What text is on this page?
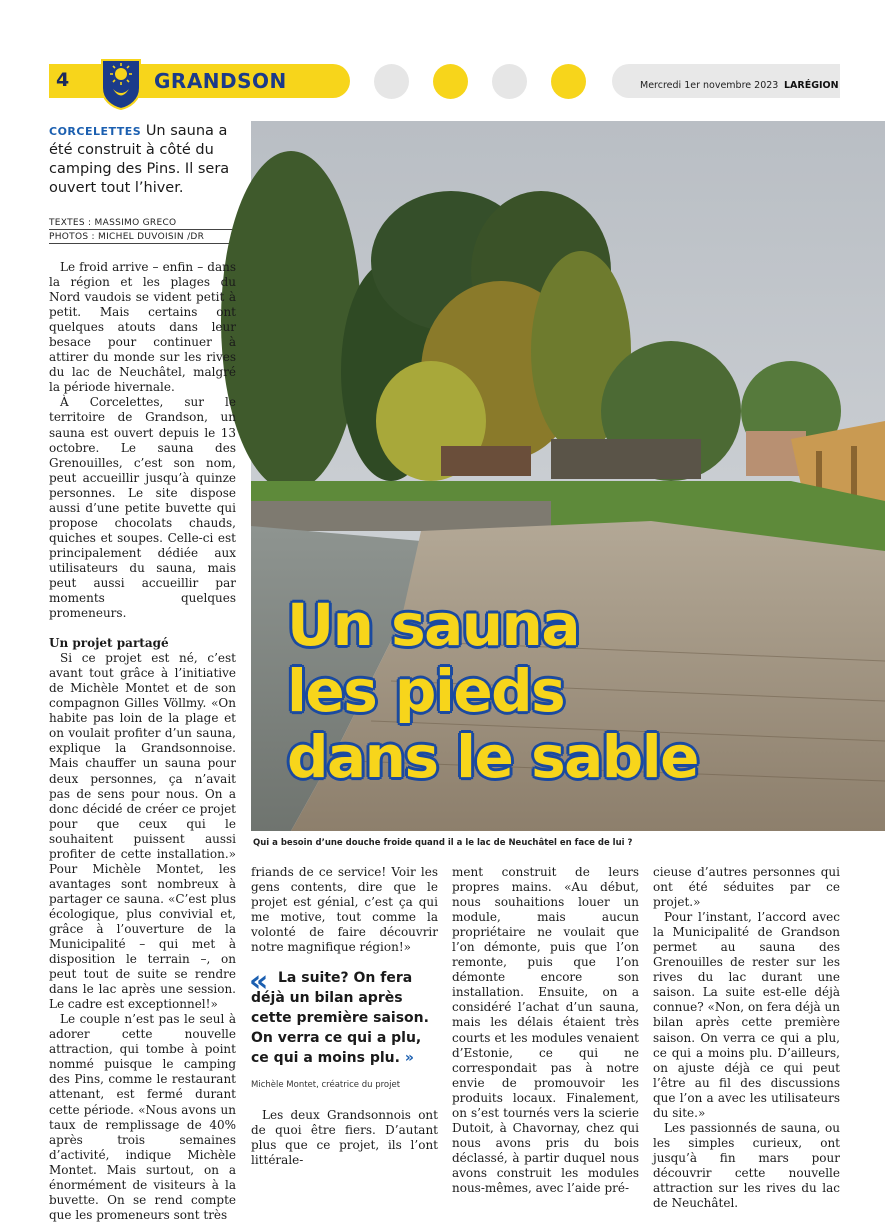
4	GRANDSON	Mercredi 1er novembre 2023 LARÉGION
CORCELETTES Un sauna a été construit à côté du camping des Pins. Il sera ouvert tout l’hiver.
TEXTES : MASSIMO GRECO
PHOTOS : MICHEL DUVOISIN /DR
Un sauna
les pieds
dans le sable
Qui a besoin d’une douche froide quand il a le lac de Neuchâtel en face de lui ?

Le froid arrive – enfin – dans la région et les plages du Nord vaudois se vident petit à petit. Mais certains ont quelques atouts dans leur besace pour continuer à attirer du monde sur les rives du lac de Neuchâtel, malgré la période hivernale.

À Corcelettes, sur le territoire de Grandson, un sauna est ouvert depuis le 13 octobre. Le sauna des Grenouilles, c’est son nom, peut accueillir jusqu’à quinze personnes. Le site dispose aussi d’une petite buvette qui propose chocolats chauds, quiches et soupes. Celle-ci est principalement dédiée aux utilisateurs du sauna, mais peut aussi accueillir par moments quelques promeneurs.

Un projet partagé

Si ce projet est né, c’est avant tout grâce à l’initiative de Michèle Montet et de son compagnon Gilles Völlmy. «On habite pas loin de la plage et on voulait profiter d’un sauna, explique la Grandsonnoise. Mais chauffer un sauna pour deux personnes, ça n’avait pas de sens pour nous. On a donc décidé de créer ce projet pour que ceux qui le souhaitent puissent aussi profiter de cette installation.» Pour Michèle Montet, les avantages sont nombreux à partager ce sauna. «C’est plus écologique, plus convivial et, grâce à l’ouverture de la Municipalité – qui met à disposition le terrain –, on peut tout de suite se rendre dans le lac après une session. Le cadre est exceptionnel!»

Le couple n’est pas le seul à adorer cette nouvelle attraction, qui tombe à point nommé puisque le camping des Pins, comme le restaurant attenant, est fermé durant cette période. «Nous avons un taux de remplissage de 40% après trois semaines d’activité, indique Michèle Montet. Mais surtout, on a énormément de visiteurs à la buvette. On se rend compte que les promeneurs sont très

friands de ce service! Voir les gens contents, dire que le projet est génial, c’est ça qui me motive, tout comme la volonté de faire découvrir notre magnifique région!»

« La suite? On fera déjà un bilan après cette première saison. On verra ce qui a plu, ce qui a moins plu. »
Michèle Montet, créatrice du projet

Les deux Grandsonnois ont de quoi être fiers. D’autant plus que ce projet, ils l’ont littérale-

ment construit de leurs propres mains. «Au début, nous souhaitions louer un module, mais aucun propriétaire ne voulait que l’on démonte, puis que l’on remonte, puis que l’on démonte encore son installation. Ensuite, on a considéré l’achat d’un sauna, mais les délais étaient très courts et les modules venaient d’Estonie, ce qui ne correspondait pas à notre envie de promouvoir les produits locaux. Finalement, on s’est tournés vers la scierie Dutoit, à Chavornay, chez qui nous avons pris du bois déclassé, à partir duquel nous avons construit les modules nous-mêmes, avec l’aide pré-

cieuse d’autres personnes qui ont été séduites par ce projet.»

Pour l’instant, l’accord avec la Municipalité de Grandson permet au sauna des Grenouilles de rester sur les rives du lac durant une saison. La suite est-elle déjà connue? «Non, on fera déjà un bilan après cette première saison. On verra ce qui a plu, ce qui a moins plu. D’ailleurs, on ajuste déjà ce qui peut l’être au fil des discussions que l’on a avec les utilisateurs du site.»

Les passionnés de sauna, ou les simples curieux, ont jusqu’à fin mars pour découvrir cette nouvelle attraction sur les rives du lac de Neuchâtel.
